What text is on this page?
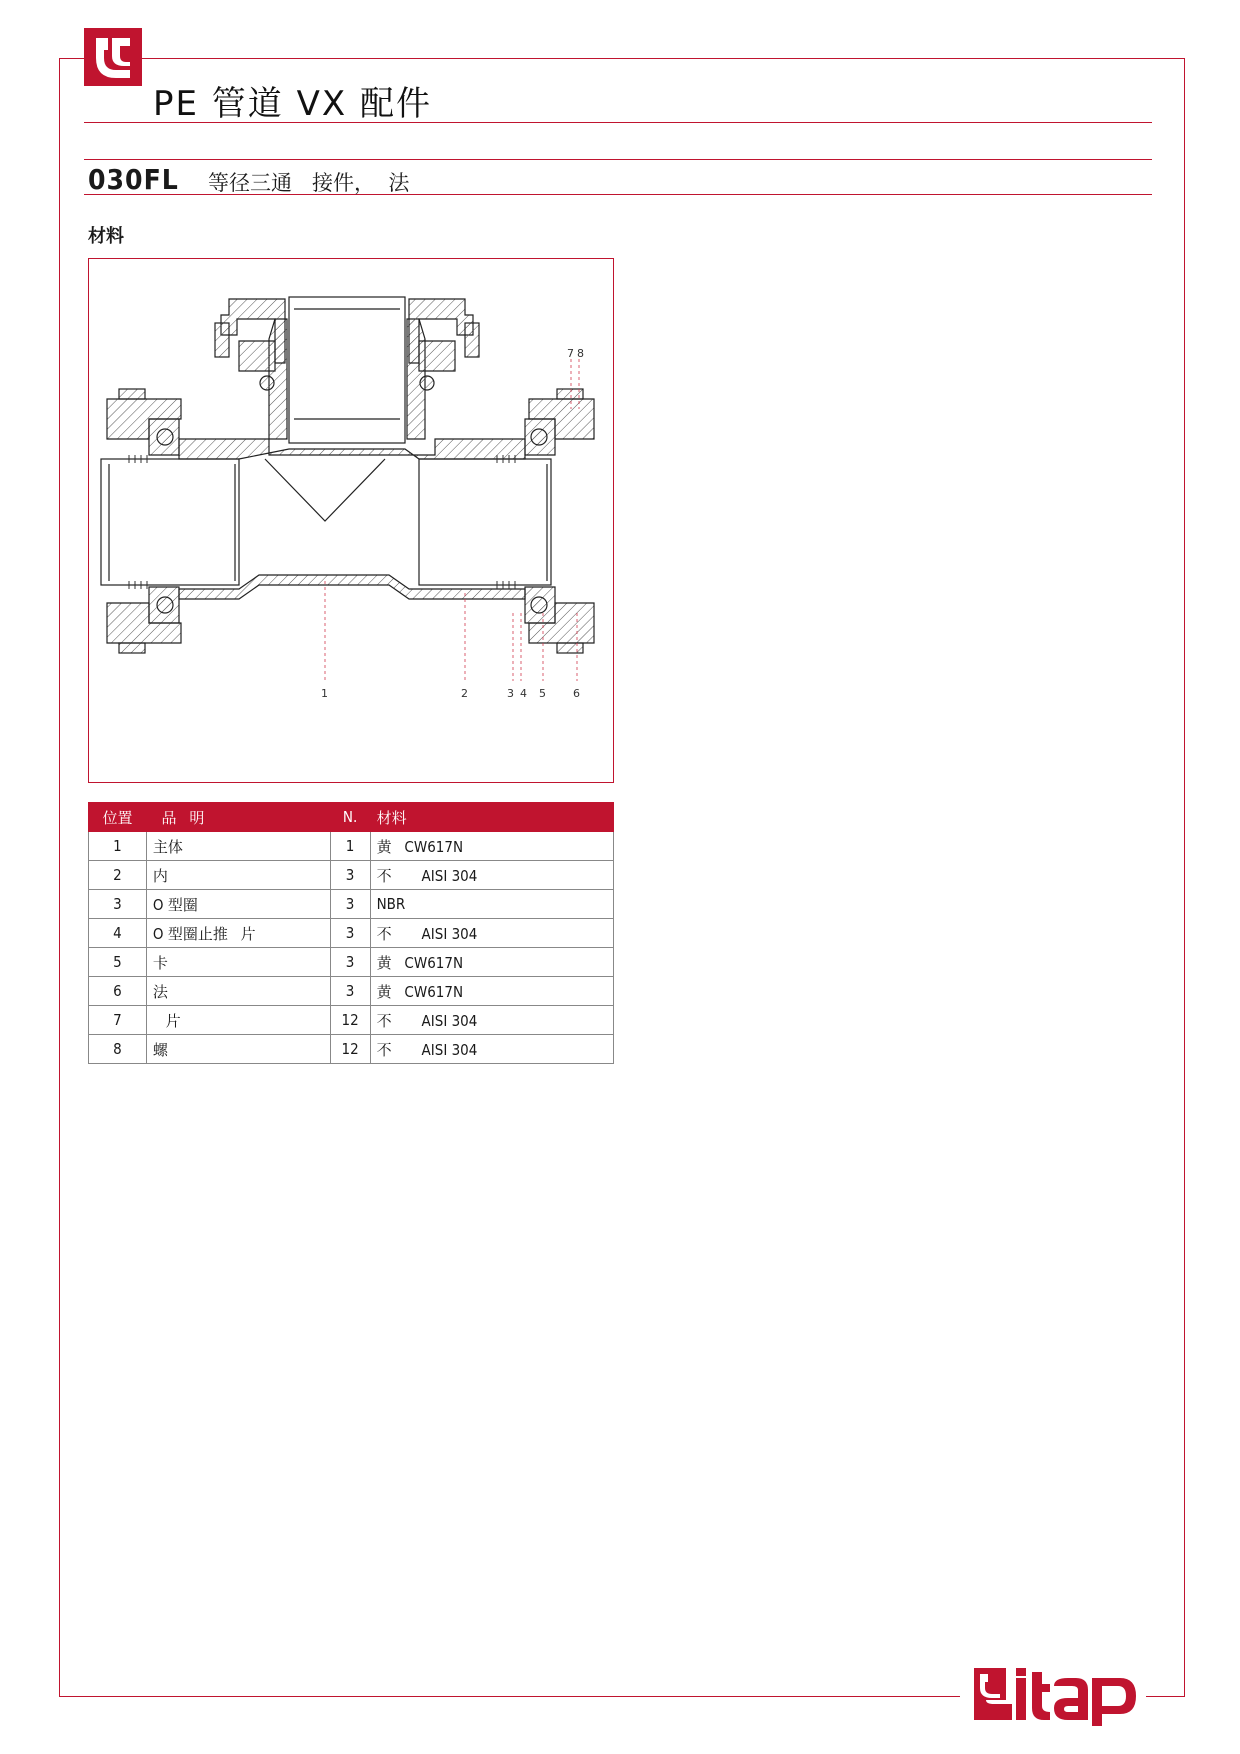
PE 管道 VX 配件
030FL 等径三通   接件，  法
材料
1	2	3 4 5 6
7 8
位置	品   明	N.	材料
1	主体	1	黄   CW617N
2	内	3	不       AISI 304
3	O 型圈	3	NBR
4	O 型圈止推   片	3	不       AISI 304
5	卡	3	黄   CW617N
6	法	3	黄   CW617N
7	片	12	不       AISI 304
8	螺	12	不       AISI 304
